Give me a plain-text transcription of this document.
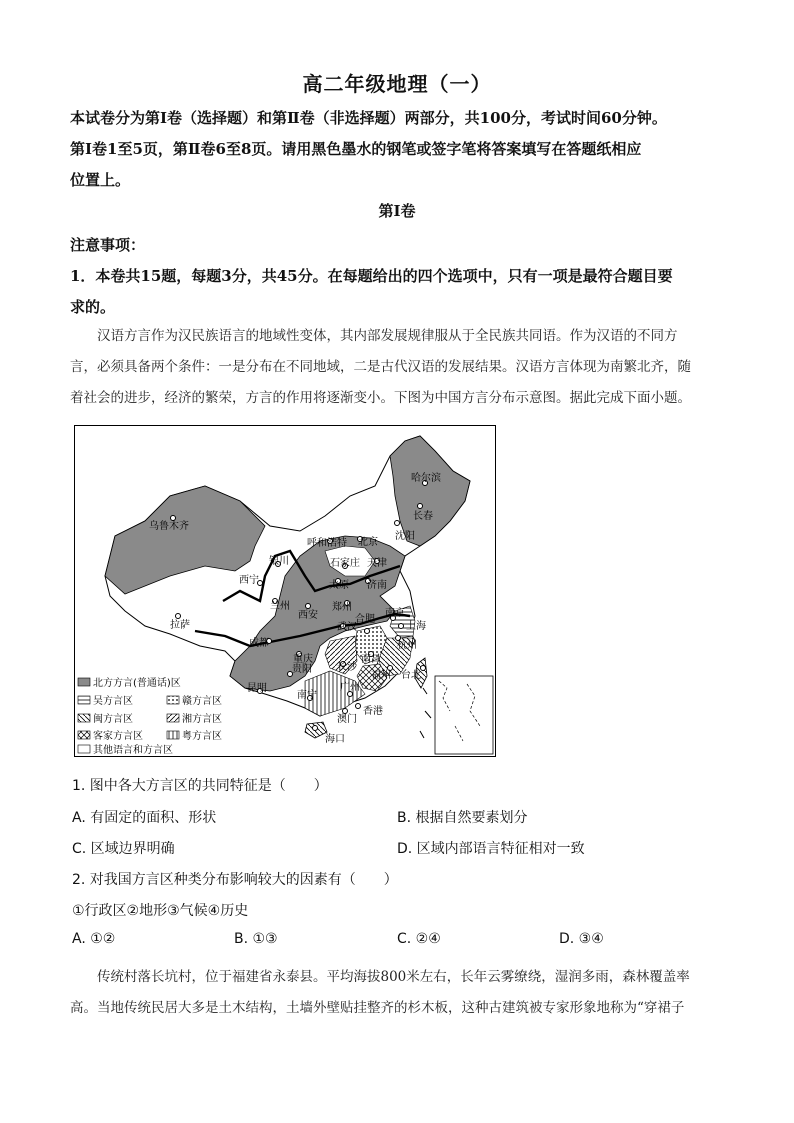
高二年级地理（一）
本试卷分为第Ⅰ卷（选择题）和第Ⅱ卷（非选择题）两部分，共100分，考试时间60分钟。
第Ⅰ卷1至5页，第Ⅱ卷6至8页。请用黑色墨水的钢笔或签字笔将答案填写在答题纸相应
位置上。
第Ⅰ卷
注意事项：
1．本卷共15题，每题3分，共45分。在每题给出的四个选项中，只有一项是最符合题目要
求的。
汉语方言作为汉民族语言的地域性变体，其内部发展规律服从于全民族共同语。作为汉语的不同方
言，必须具备两个条件：一是分布在不同地域，二是古代汉语的发展结果。汉语方言体现为南繁北齐，随
着社会的进步，经济的繁荣，方言的作用将逐渐变小。下图为中国方言分布示意图。据此完成下面小题。
乌鲁木齐
哈尔滨
长春
沈阳
呼和浩特 北京
银川	石家庄 天津
太原 济南
西宁
兰州
西安
郑州
拉萨
南京
合肥
上海
武汉
杭州
成都
重庆
长沙
南昌
贵阳
福州 台北
昆明
南宁
广州
香港
澳门
海口
北方方言(普通话)区
吴方言区	赣方言区
闽方言区	湘方言区
客家方言区	粤方言区
其他语言和方言区
1. 图中各大方言区的共同特征是（　　）
A. 有固定的面积、形状	B. 根据自然要素划分
C. 区域边界明确	D. 区域内部语言特征相对一致
2. 对我国方言区种类分布影响较大的因素有（　　）
①行政区②地形③气候④历史
A. ①②	B. ①③	C. ②④	D. ③④
传统村落长坑村，位于福建省永泰县。平均海拔800米左右，长年云雾缭绕，湿润多雨，森林覆盖率
高。当地传统民居大多是土木结构，土墙外壁贴挂整齐的杉木板，这种古建筑被专家形象地称为“穿裙子
